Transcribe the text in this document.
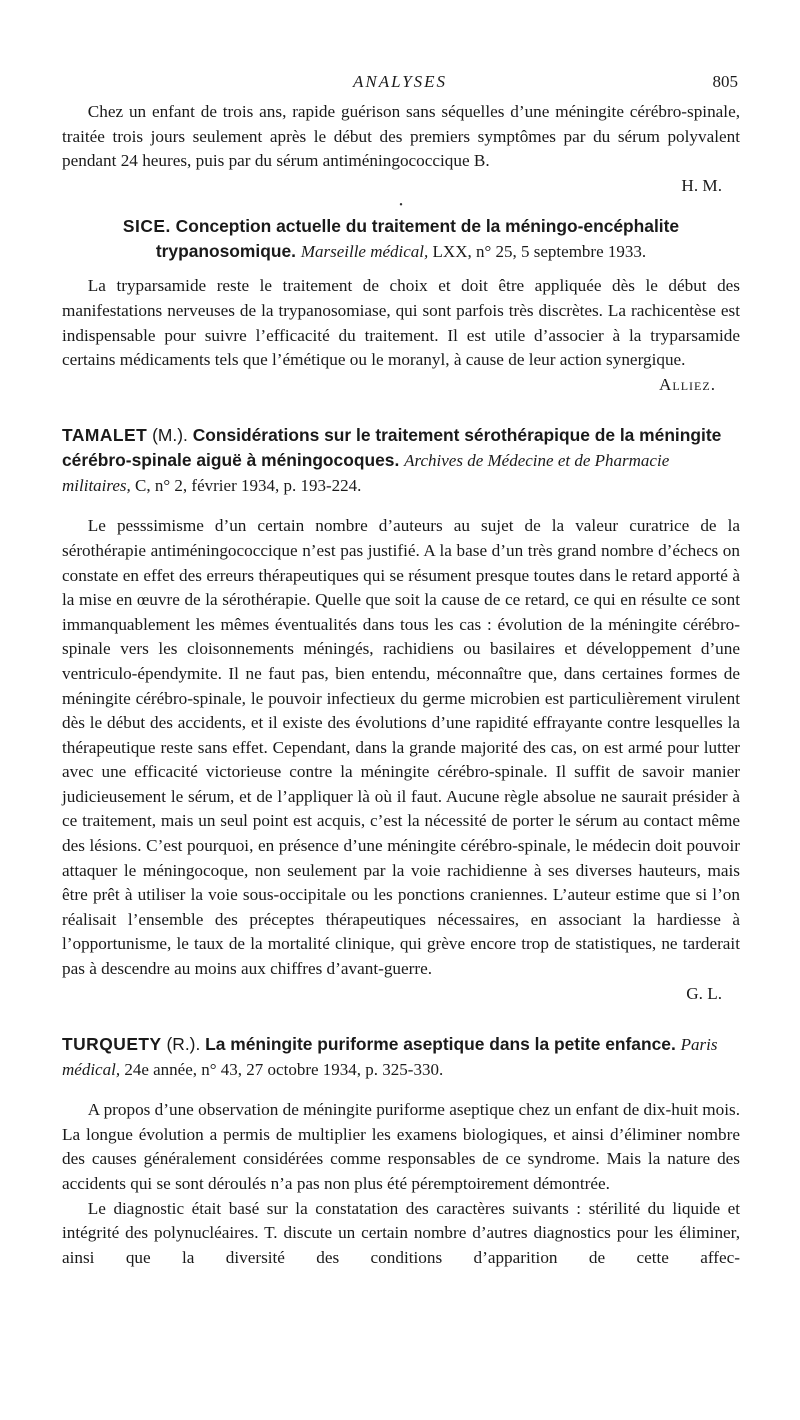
ANALYSES	805

Chez un enfant de trois ans, rapide guérison sans séquelles d’une méningite cérébro-spinale, traitée trois jours seulement après le début des premiers symptômes par du sérum polyvalent pendant 24 heures, puis par du sérum antiméningococcique B.

H. M.

•
SICE. Conception actuelle du traitement de la méningo-encéphalite trypanosomique. Marseille médical, LXX, n° 25, 5 septembre 1933.

La tryparsamide reste le traitement de choix et doit être appliquée dès le début des manifestations nerveuses de la trypanosomiase, qui sont parfois très discrètes. La rachicentèse est indispensable pour suivre l’efficacité du traitement. Il est utile d’associer à la tryparsamide certains médicaments tels que l’émétique ou le moranyl, à cause de leur action synergique.

Alliez.

TAMALET (M.). Considérations sur le traitement sérothérapique de la méningite cérébro-spinale aiguë à méningocoques. Archives de Médecine et de Pharmacie militaires, C, n° 2, février 1934, p. 193-224.

Le pesssimisme d’un certain nombre d’auteurs au sujet de la valeur curatrice de la sérothérapie antiméningococcique n’est pas justifié. A la base d’un très grand nombre d’échecs on constate en effet des erreurs thérapeutiques qui se résument presque toutes dans le retard apporté à la mise en œuvre de la sérothérapie. Quelle que soit la cause de ce retard, ce qui en résulte ce sont immanquablement les mêmes éventualités dans tous les cas : évolution de la méningite cérébro-spinale vers les cloisonnements méningés, rachidiens ou basilaires et développement d’une ventriculo-épendymite. Il ne faut pas, bien entendu, méconnaître que, dans certaines formes de méningite cérébro-spinale, le pouvoir infectieux du germe microbien est particulièrement virulent dès le début des accidents, et il existe des évolutions d’une rapidité effrayante contre lesquelles la thérapeutique reste sans effet. Cependant, dans la grande majorité des cas, on est armé pour lutter avec une efficacité victorieuse contre la méningite cérébro-spinale. Il suffit de savoir manier judicieusement le sérum, et de l’appliquer là où il faut. Aucune règle absolue ne saurait présider à ce traitement, mais un seul point est acquis, c’est la nécessité de porter le sérum au contact même des lésions. C’est pourquoi, en présence d’une méningite cérébro-spinale, le médecin doit pouvoir attaquer le méningocoque, non seulement par la voie rachidienne à ses diverses hauteurs, mais être prêt à utiliser la voie sous-occipitale ou les ponctions craniennes. L’auteur estime que si l’on réalisait l’ensemble des préceptes thérapeutiques nécessaires, en associant la hardiesse à l’opportunisme, le taux de la mortalité clinique, qui grève encore trop de statistiques, ne tarderait pas à descendre au moins aux chiffres d’avant-guerre.

G. L.

TURQUETY (R.). La méningite puriforme aseptique dans la petite enfance. Paris médical, 24e année, n° 43, 27 octobre 1934, p. 325-330.

A propos d’une observation de méningite puriforme aseptique chez un enfant de dix-huit mois. La longue évolution a permis de multiplier les examens biologiques, et ainsi d’éliminer nombre des causes généralement considérées comme responsables de ce syndrome. Mais la nature des accidents qui se sont déroulés n’a pas non plus été péremptoirement démontrée.

Le diagnostic était basé sur la constatation des caractères suivants : stérilité du liquide et intégrité des polynucléaires. T. discute un certain nombre d’autres diagnostics pour les éliminer, ainsi que la diversité des conditions d’apparition de cette affec-
